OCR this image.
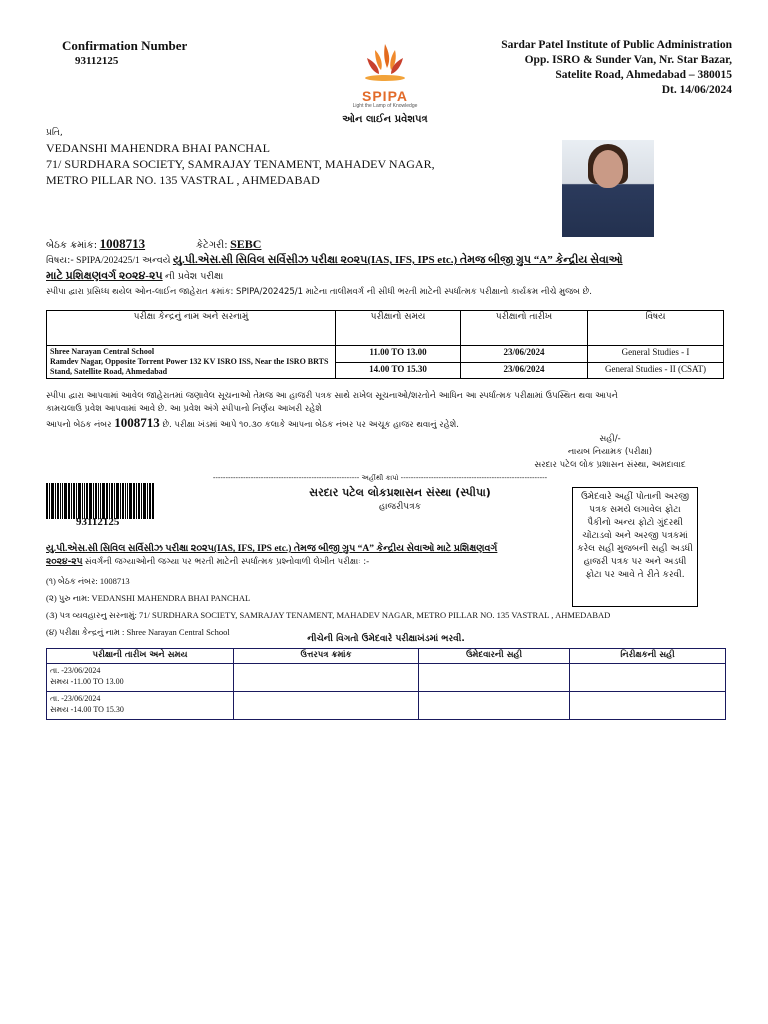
Confirmation Number
93112125
SPIPA
Light the Lamp of Knowledge
ઓન લાઈન પ્રવેશપત્ર
Sardar Patel Institute of Public Administration
Opp. ISRO & Sunder Van, Nr. Star Bazar,
Satelite Road, Ahmedabad – 380015
Dt. 14/06/2024
પ્રતિ,
VEDANSHI MAHENDRA BHAI PANCHAL
71/ SURDHARA SOCIETY, SAMRAJAY TENAMENT, MAHADEV NAGAR,
METRO PILLAR NO. 135 VASTRAL , AHMEDABAD
બેઠક ક્રમાંક: 1008713	કેટેગરી: SEBC
વિષય:- SPIPA/202425/1 અન્વયે યુ.પી.એસ.સી સિવિલ સર્વિસીઝ પરીક્ષા ૨૦૨૫(IAS, IFS, IPS etc.) તેમજ બીજી ગ્રુપ “A” કેન્દ્રીય સેવાઓ
માટે પ્રશિક્ષણવર્ગ ૨૦૨૪-૨૫ ની પ્રવેશ પરીક્ષા
સ્પીપા દ્વારા પ્રસિધ્ધ થયેલ ઓન-લાઈન જાહેરાત ક્રમાંક: SPIPA/202425/1 માટેના તાલીમવર્ગ ની સીધી ભરતી માટેની સ્પર્ધાત્મક પરીક્ષાનો કાર્યક્રમ નીચે મુજબ છે.
પરીક્ષા કેન્દ્રનું નામ અને સરનામું	પરીક્ષાનો સમય	પરીક્ષાનો તારીખ	વિષય

Shree Narayan Central School
Ramdev Nagar, Opposite Torrent Power 132 KV ISRO ISS, Near the ISRO BRTS Stand, Satellite Road, Ahmedabad	11.00 TO 13.00	23/06/2024	General Studies - I
	14.00 TO 15.30	23/06/2024	General Studies - II (CSAT)
સ્પીપા દ્વારા આપવામાં આવેલ જાહેરાતમાં જણાવેલ સૂચનાઓ તેમજ આ હાજરી પત્રક સાથે રાખેલ સૂચનાઓ/શરતોને આધિન આ સ્પર્ધાત્મક પરીક્ષામાં ઉપસ્થિત થવા આપને
કામચલાઉ પ્રવેશ આપવામાં આવે છે. આ પ્રવેશ અંગે સ્પીપાનો નિર્ણય આખરી રહેશે
આપનો બેઠક નંબર 1008713 છે. પરીક્ષા ખંડમાં આપે ૧૦.૩૦ કલાકે આપના બેઠક નંબર પર અચૂક હાજર થવાનું રહેશે.
સહી/-
નાયબ નિયામક (પરીક્ષા)
સરદાર પટેલ લોક પ્રશાસન સંસ્થા, અમદાવાદ
---------------------------------------------------------- અહીંથી કાપો ----------------------------------------------------------
93112125
સરદાર પટેલ લોકપ્રશાસન સંસ્થા (સ્પીપા)
હાજરીપત્રક
ઉમેદવારે અહીં પોતાની અરજી પત્રક સમયે લગાવેલ ફોટા પૈકીનો અન્ય ફોટો ગુંદરથી ચોંટાડવો અને અરજી પત્રકમાં કરેલ સહી મુજબની સહી અડધી હાજરી પત્રક પર અને અડધી ફોટા પર આવે તે રીતે કરવી.
યુ.પી.એસ.સી સિવિલ સર્વિસીઝ પરીક્ષા ૨૦૨૫(IAS, IFS, IPS etc.) તેમજ બીજી ગ્રુપ “A” કેન્દ્રીય સેવાઓ માટે પ્રશિક્ષણવર્ગ
૨૦૨૪-૨૫ સંવર્ગની જગ્યાઓની જગ્યા પર ભરતી માટેની સ્પર્ધાત્મક પ્રશ્નોવાળી લેખીત પરીક્ષાઃ :-
(૧) બેઠક નંબર: 1008713
(૨) પુરુ નામ: VEDANSHI MAHENDRA BHAI PANCHAL
(૩) પત્ર વ્યવહારનુ સરનામું: 71/ SURDHARA SOCIETY, SAMRAJAY TENAMENT, MAHADEV NAGAR, METRO PILLAR NO. 135 VASTRAL , AHMEDABAD
(૪) પરીક્ષા કેન્દ્રનું નામ : Shree Narayan Central School
નીચેની વિગતો ઉમેદવારે પરીક્ષાખંડમાં ભરવી.
પરીક્ષાની તારીખ અને સમય	ઉત્તરપત્ર ક્રમાંક	ઉમેદવારની સહી	નિરીક્ષકની સહી

તા. -23/06/2024
સમય -11.00 TO 13.00			

તા. -23/06/2024
સમય -14.00 TO 15.30			
